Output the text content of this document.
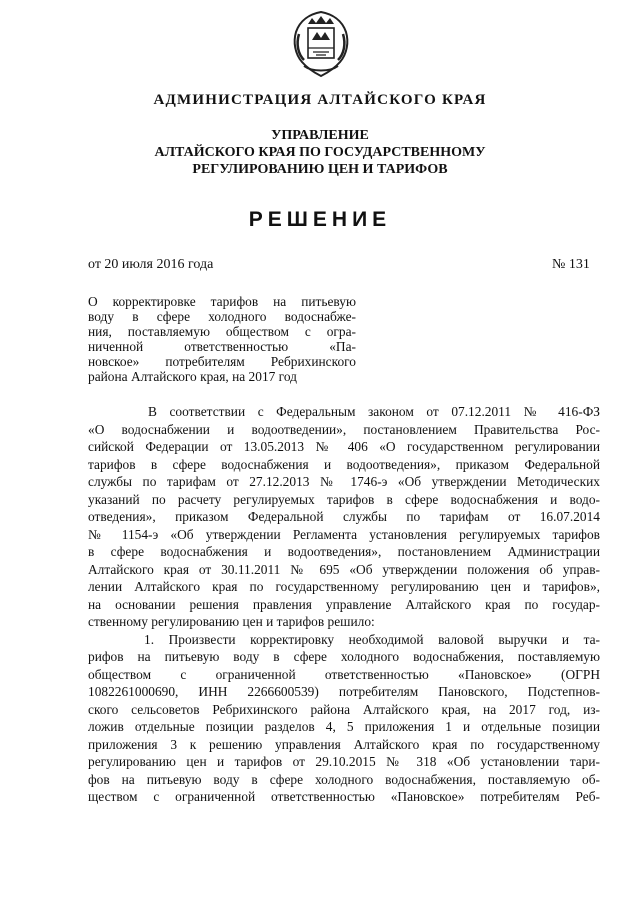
АДМИНИСТРАЦИЯ АЛТАЙСКОГО КРАЯ
УПРАВЛЕНИЕ
АЛТАЙСКОГО КРАЯ ПО ГОСУДАРСТВЕННОМУ
РЕГУЛИРОВАНИЮ ЦЕН И ТАРИФОВ
РЕШЕНИЕ
от 20 июля 2016 года	№ 131
О корректировке тарифов на питьевую
воду в сфере холодного водоснабже-
ния, поставляемую обществом с огра-
ниченной ответственностью «Па-
новское» потребителям Ребрихинского
района Алтайского края, на 2017 год
В соответствии с Федеральным законом от 07.12.2011 № 416-ФЗ
«О водоснабжении и водоотведении», постановлением Правительства Рос-
сийской Федерации от 13.05.2013 № 406 «О государственном регулировании
тарифов в сфере водоснабжения и водоотведения», приказом Федеральной
службы по тарифам от 27.12.2013 № 1746-э «Об утверждении Методических
указаний по расчету регулируемых тарифов в сфере водоснабжения и водо-
отведения», приказом Федеральной службы по тарифам от 16.07.2014
№ 1154-э «Об утверждении Регламента установления регулируемых тарифов
в сфере водоснабжения и водоотведения», постановлением Администрации
Алтайского края от 30.11.2011 № 695 «Об утверждении положения об управ-
лении Алтайского края по государственному регулированию цен и тарифов»,
на основании решения правления управление Алтайского края по государ-
ственному регулированию цен и тарифов решило:
1. Произвести корректировку необходимой валовой выручки и та-
рифов на питьевую воду в сфере холодного водоснабжения, поставляемую
обществом с ограниченной ответственностью «Пановское» (ОГРН
1082261000690, ИНН 2266600539) потребителям Пановского, Подстепнов-
ского сельсоветов Ребрихинского района Алтайского края, на 2017 год, из-
ложив отдельные позиции разделов 4, 5 приложения 1 и отдельные позиции
приложения 3 к решению управления Алтайского края по государственному
регулированию цен и тарифов от 29.10.2015 № 318 «Об установлении тари-
фов на питьевую воду в сфере холодного водоснабжения, поставляемую об-
ществом с ограниченной ответственностью «Пановское» потребителям Реб-
